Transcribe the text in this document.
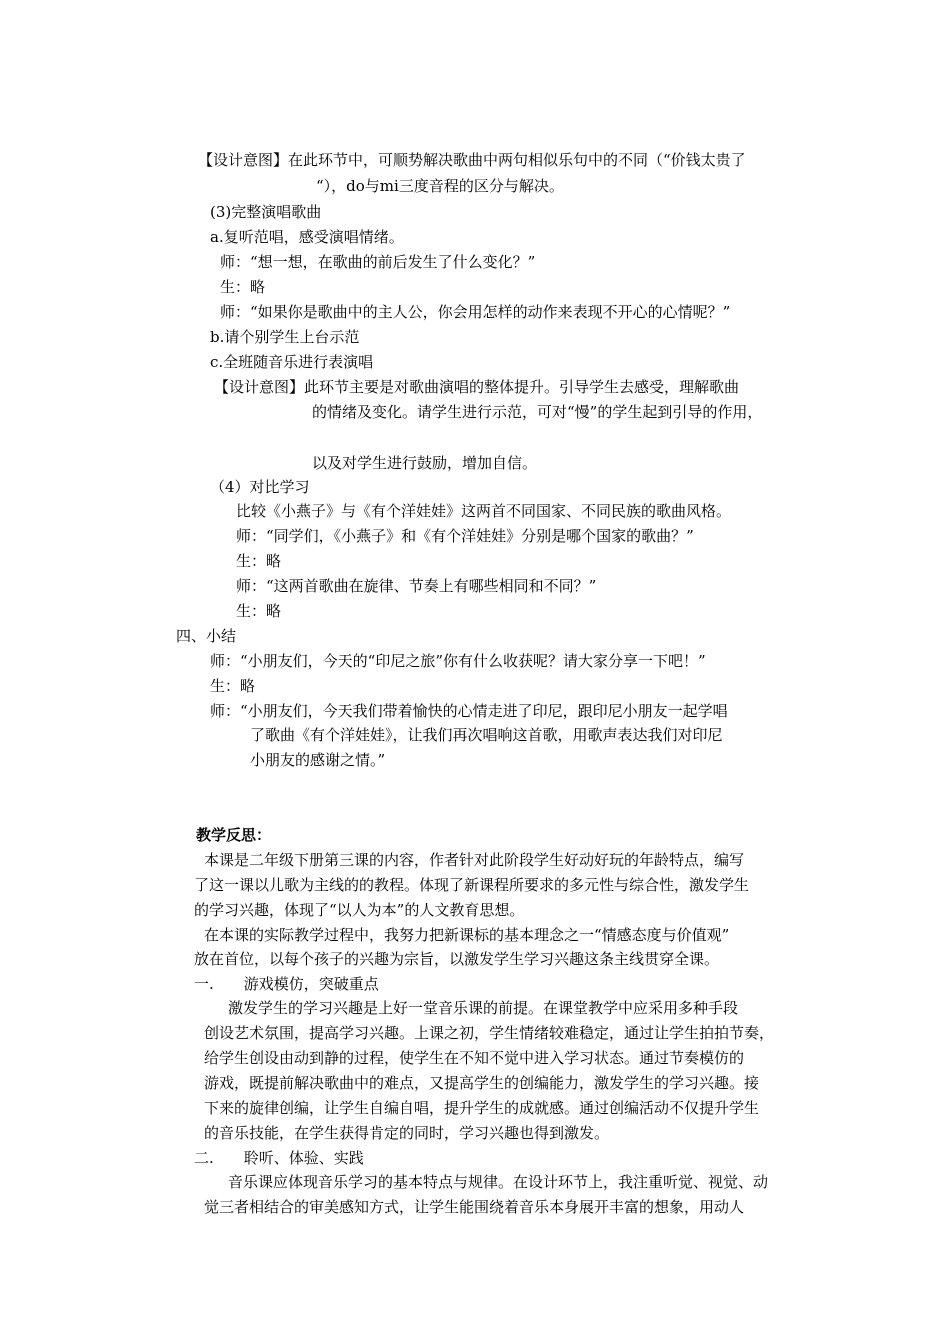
【设计意图】在此环节中，可顺势解决歌曲中两句相似乐句中的不同（“价钱太贵了
“），do与mi三度音程的区分与解决。
(3)完整演唱歌曲
a.复听范唱，感受演唱情绪。
师：“想一想，在歌曲的前后发生了什么变化？”
生：略
师：“如果你是歌曲中的主人公，你会用怎样的动作来表现不开心的心情呢？”
b.请个别学生上台示范
c.全班随音乐进行表演唱
【设计意图】此环节主要是对歌曲演唱的整体提升。引导学生去感受，理解歌曲
的情绪及变化。请学生进行示范，可对“慢”的学生起到引导的作用，
以及对学生进行鼓励，增加自信。
（4）对比学习
比较《小燕子》与《有个洋娃娃》这两首不同国家、不同民族的歌曲风格。
师：“同学们，《小燕子》和《有个洋娃娃》分别是哪个国家的歌曲？”
生：略
师：“这两首歌曲在旋律、节奏上有哪些相同和不同？”
生：略
四、小结
师：“小朋友们，今天的“印尼之旅”你有什么收获呢？请大家分享一下吧！”
生：略
师：“小朋友们，今天我们带着愉快的心情走进了印尼，跟印尼小朋友一起学唱
了歌曲《有个洋娃娃》，让我们再次唱响这首歌，用歌声表达我们对印尼
小朋友的感谢之情。”
教学反思：
本课是二年级下册第三课的内容，作者针对此阶段学生好动好玩的年龄特点，编写
了这一课以儿歌为主线的的教程。体现了新课程所要求的多元性与综合性，激发学生
的学习兴趣，体现了“以人为本”的人文教育思想。
在本课的实际教学过程中，我努力把新课标的基本理念之一“情感态度与价值观”
放在首位，以每个孩子的兴趣为宗旨，以激发学生学习兴趣这条主线贯穿全课。
一.　　游戏模仿，突破重点
激发学生的学习兴趣是上好一堂音乐课的前提。在课堂教学中应采用多种手段
创设艺术氛围，提高学习兴趣。上课之初，学生情绪较难稳定，通过让学生拍拍节奏，
给学生创设由动到静的过程，使学生在不知不觉中进入学习状态。通过节奏模仿的
游戏，既提前解决歌曲中的难点，又提高学生的创编能力，激发学生的学习兴趣。接
下来的旋律创编，让学生自编自唱，提升学生的成就感。通过创编活动不仅提升学生
的音乐技能，在学生获得肯定的同时，学习兴趣也得到激发。
二.　　聆听、体验、实践
音乐课应体现音乐学习的基本特点与规律。在设计环节上，我注重听觉、视觉、动
觉三者相结合的审美感知方式，让学生能围绕着音乐本身展开丰富的想象，用动人
